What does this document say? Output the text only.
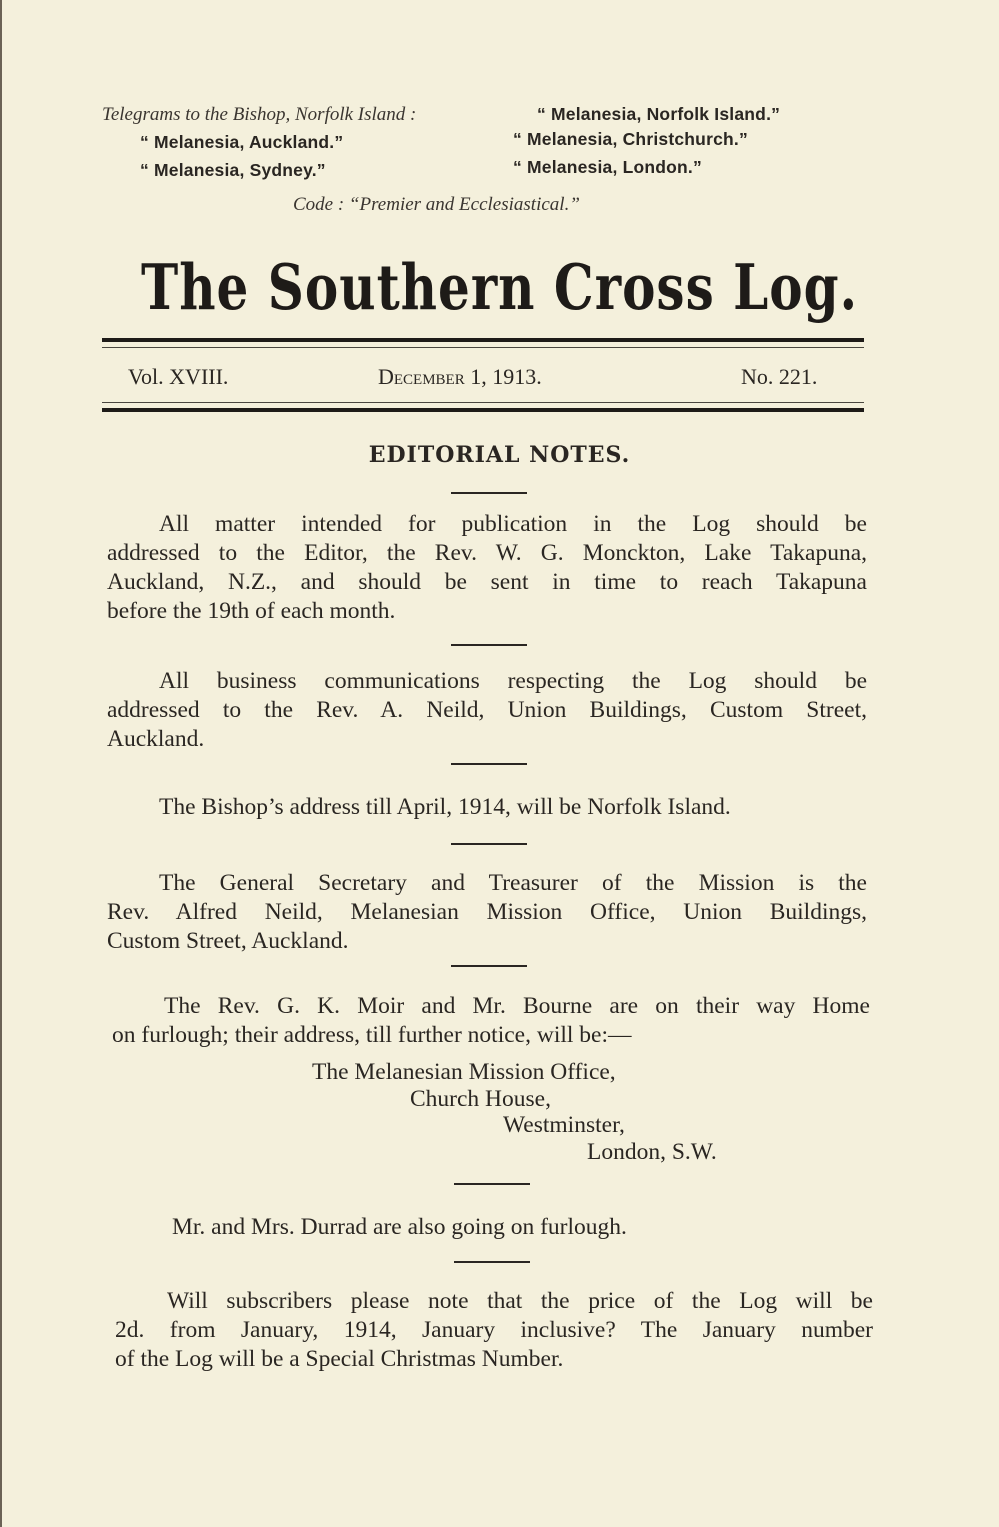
Telegrams to the Bishop, Norfolk Island :	“ Melanesia, Norfolk Island.”
“ Melanesia, Auckland.”	“ Melanesia, Christchurch.”
“ Melanesia, Sydney.”	“ Melanesia, London.”
Code : “Premier and Ecclesiastical.”
The Southern Cross Log.
Vol. XVIII.	December 1, 1913.	No. 221.
EDITORIAL NOTES.
All matter intended for publication in the Log should be
addressed to the Editor, the Rev. W. G. Monckton, Lake Takapuna,
Auckland, N.Z., and should be sent in time to reach Takapuna
before the 19th of each month.
All business communications respecting the Log should be
addressed to the Rev. A. Neild, Union Buildings, Custom Street,
Auckland.
The Bishop’s address till April, 1914, will be Norfolk Island.
The General Secretary and Treasurer of the Mission is the
Rev. Alfred Neild, Melanesian Mission Office, Union Buildings,
Custom Street, Auckland.
The Rev. G. K. Moir and Mr. Bourne are on their way Home
on furlough; their address, till further notice, will be:—
The Melanesian Mission Office,
Church House,
Westminster,
London, S.W.
Mr. and Mrs. Durrad are also going on furlough.
Will subscribers please note that the price of the Log will be
2d. from January, 1914, January inclusive? The January number
of the Log will be a Special Christmas Number.
